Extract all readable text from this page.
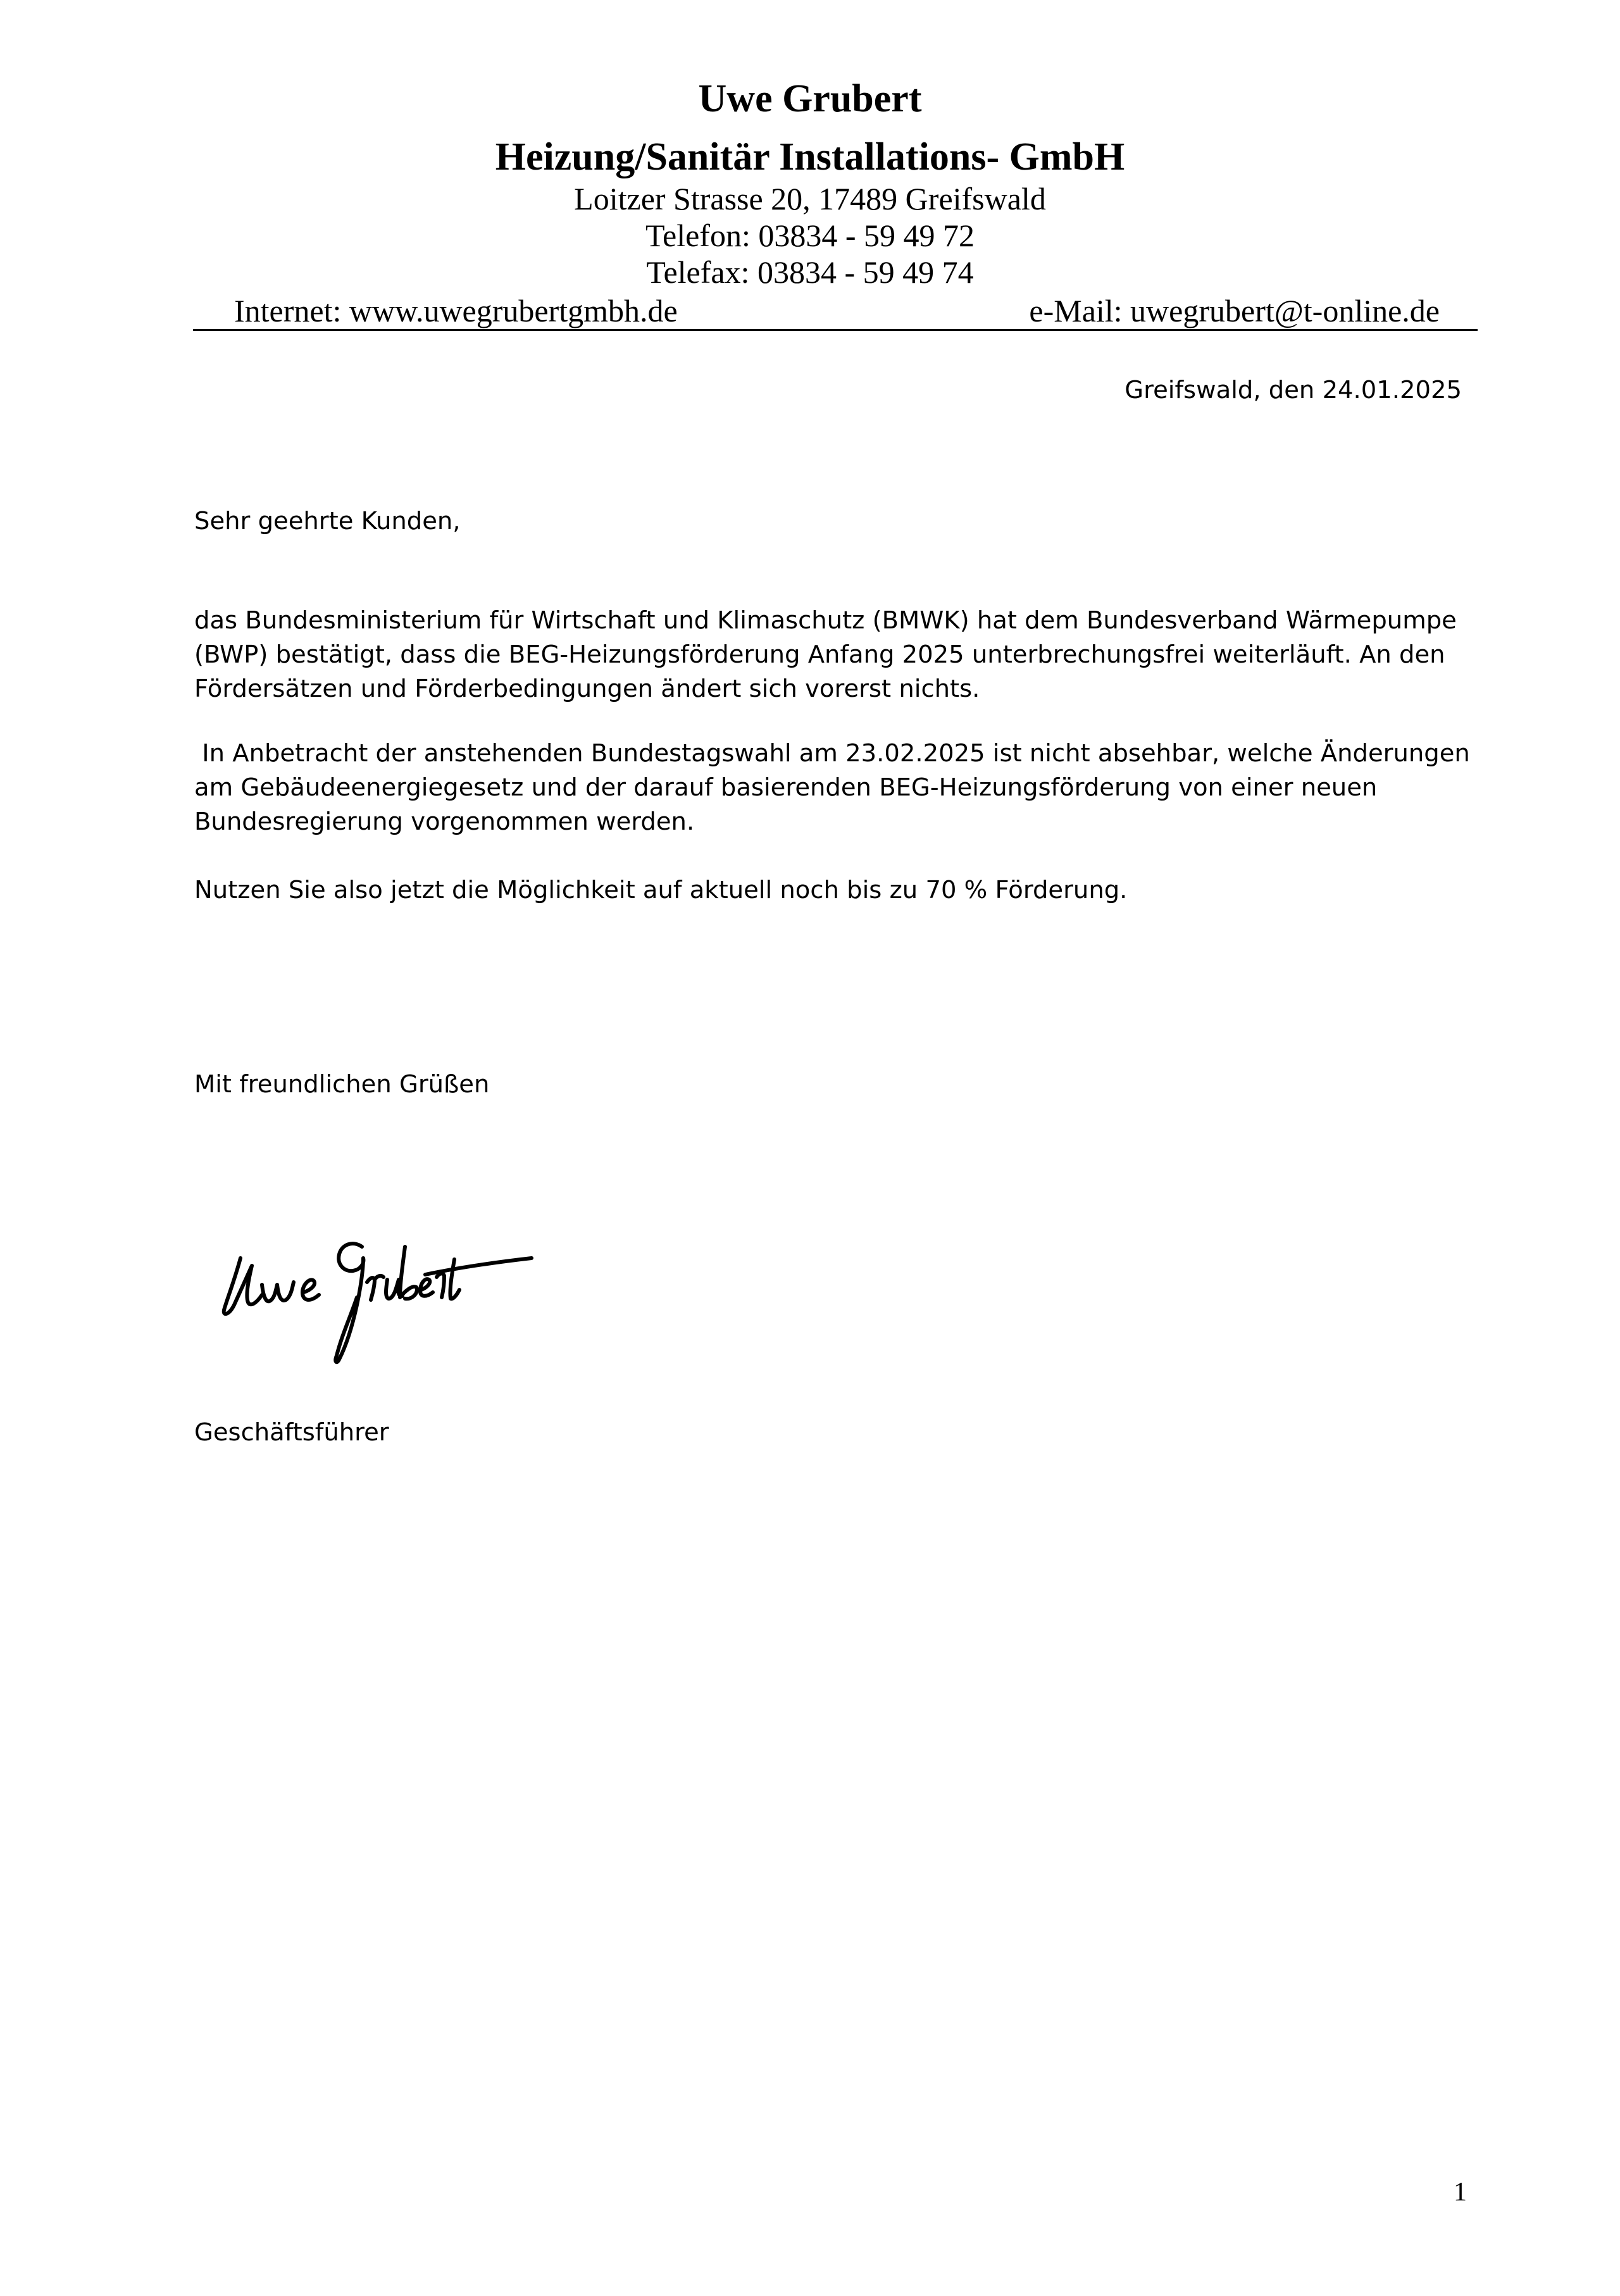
Uwe Grubert
Heizung/Sanitär Installations- GmbH
Loitzer Strasse 20, 17489 Greifswald
Telefon: 03834 - 59 49 72
Telefax: 03834 - 59 49 74
Internet: www.uwegrubertgmbh.de	e-Mail: uwegrubert@t-online.de
Greifswald, den 24.01.2025
Sehr geehrte Kunden,
das Bundesministerium für Wirtschaft und Klimaschutz (BMWK) hat dem Bundesverband Wärmepumpe (BWP) bestätigt, dass die BEG-Heizungsförderung Anfang 2025 unterbrechungsfrei weiterläuft. An den Fördersätzen und Förderbedingungen ändert sich vorerst nichts.
In Anbetracht der anstehenden Bundestagswahl am 23.02.2025 ist nicht absehbar, welche Änderungen am Gebäudeenergiegesetz und der darauf basierenden BEG-Heizungsförderung von einer neuen Bundesregierung vorgenommen werden.
Nutzen Sie also jetzt die Möglichkeit auf aktuell noch bis zu 70 % Förderung.
Mit freundlichen Grüßen
Geschäftsführer
1
